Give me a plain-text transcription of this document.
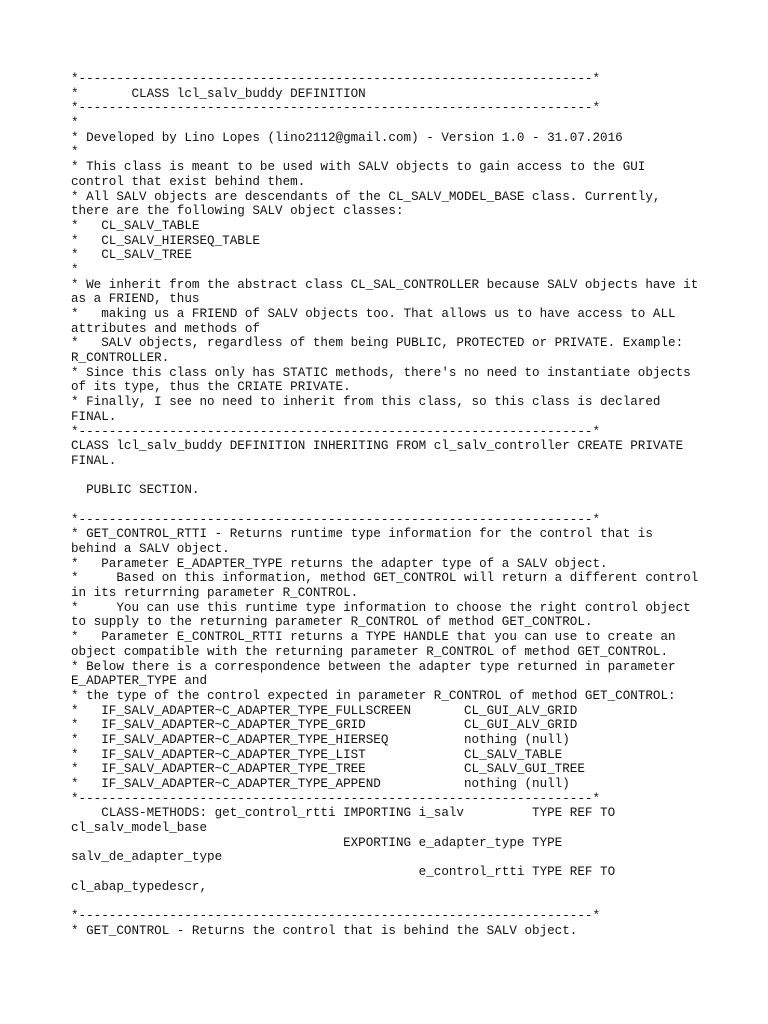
*--------------------------------------------------------------------*
*       CLASS lcl_salv_buddy DEFINITION
*--------------------------------------------------------------------*
*
* Developed by Lino Lopes (lino2112@gmail.com) - Version 1.0 - 31.07.2016
*
* This class is meant to be used with SALV objects to gain access to the GUI
control that exist behind them.
* All SALV objects are descendants of the CL_SALV_MODEL_BASE class. Currently,
there are the following SALV object classes:
*   CL_SALV_TABLE
*   CL_SALV_HIERSEQ_TABLE
*   CL_SALV_TREE
*
* We inherit from the abstract class CL_SAL_CONTROLLER because SALV objects have it
as a FRIEND, thus
*   making us a FRIEND of SALV objects too. That allows us to have access to ALL
attributes and methods of
*   SALV objects, regardless of them being PUBLIC, PROTECTED or PRIVATE. Example:
R_CONTROLLER.
* Since this class only has STATIC methods, there's no need to instantiate objects
of its type, thus the CRIATE PRIVATE.
* Finally, I see no need to inherit from this class, so this class is declared
FINAL.
*--------------------------------------------------------------------*
CLASS lcl_salv_buddy DEFINITION INHERITING FROM cl_salv_controller CREATE PRIVATE
FINAL.
PUBLIC SECTION.
*--------------------------------------------------------------------*
* GET_CONTROL_RTTI - Returns runtime type information for the control that is
behind a SALV object.
*   Parameter E_ADAPTER_TYPE returns the adapter type of a SALV object.
*     Based on this information, method GET_CONTROL will return a different control
in its returrning parameter R_CONTROL.
*     You can use this runtime type information to choose the right control object
to supply to the returning parameter R_CONTROL of method GET_CONTROL.
*   Parameter E_CONTROL_RTTI returns a TYPE HANDLE that you can use to create an
object compatible with the returning parameter R_CONTROL of method GET_CONTROL.
* Below there is a correspondence between the adapter type returned in parameter
E_ADAPTER_TYPE and
* the type of the control expected in parameter R_CONTROL of method GET_CONTROL:
*   IF_SALV_ADAPTER~C_ADAPTER_TYPE_FULLSCREEN       CL_GUI_ALV_GRID
*   IF_SALV_ADAPTER~C_ADAPTER_TYPE_GRID             CL_GUI_ALV_GRID
*   IF_SALV_ADAPTER~C_ADAPTER_TYPE_HIERSEQ          nothing (null)
*   IF_SALV_ADAPTER~C_ADAPTER_TYPE_LIST             CL_SALV_TABLE
*   IF_SALV_ADAPTER~C_ADAPTER_TYPE_TREE             CL_SALV_GUI_TREE
*   IF_SALV_ADAPTER~C_ADAPTER_TYPE_APPEND           nothing (null)
*--------------------------------------------------------------------*
CLASS-METHODS: get_control_rtti IMPORTING i_salv         TYPE REF TO
cl_salv_model_base
EXPORTING e_adapter_type TYPE
salv_de_adapter_type
e_control_rtti TYPE REF TO
cl_abap_typedescr,
*--------------------------------------------------------------------*
* GET_CONTROL - Returns the control that is behind the SALV object.
